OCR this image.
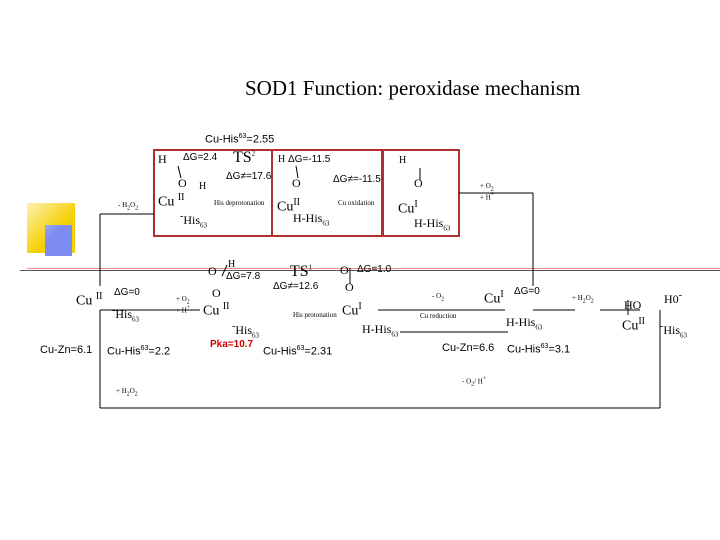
SOD1 Function: peroxidase mechanism
Cu-His$^{63}$=2.55
H
O H
ΔG=2.4 $TS^2$
Cu $^{II}$
-His$_{63}$
- $H_2O_2$
H ΔG=-11.5
O
ΔG≠=17.6	ΔG≠=-11.5
His deprotonation $Cu^{II}$
H-His$_{63}$
Cu oxidation
H
O
$Cu^I$
H-His$_{63}$
+ $O_2$
+ H+
ΔG=0
Cu $^{II}$
-His$_{63}$
+ $O_2$
+ H+
Cu-Zn=6.1 Cu-His$^{63}$=2.2
+ $H_2O_2$
O H
ΔG=7.8
O
Cu $^{II}$
-His$_{63}$
Pka=10.7
$TS^1$
ΔG≠=12.6
His protonation
O ΔG=1.0
O
$Cu^I$
H-His$_{63}$
Cu-His$^{63}$=2.31
- $O_2$
Cu reduction
$Cu^I$ ΔG=0
H-His$_{63}$
+ $H_2O_2$	HO H0-
$Cu^{II}$ -His$_{63}$
Cu-Zn=6.6 Cu-His$^{63}$=3.1
- $O_2/$ H+
